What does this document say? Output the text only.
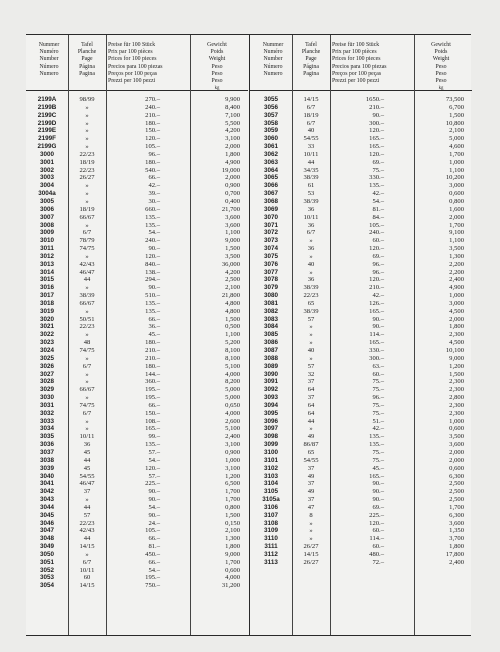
Nummer
Numéro
Number
Número
Numero
Tafel
Planche
Page
Página
Pagina
Preise für 100 Stück
Prix par 100 pièces
Prices for 100 pieces
Precios para 100 piezas
Preços por 100 peças
Prezzi per 100 pezzi
Gewicht
Poids
Weight
Peso
Peso
Peso
kg
2199A	98/99	270.–	9,900
2199B	»	240.–	8,400
2199C	»	210.–	7,100
2199D	»	180.–	5,500
2199E	»	150.–	4,200
2199F	»	120.–	3,100
2199G	»	105.–	2,000
3000	22/23	96.–	1,800
3001	18/19	180.–	4,900
3002	22/23	540.–	19,000
3003	26/27	66.–	2,000
3004	»	42.–	0,900
3004a	»	39.–	0,700
3005	»	30.–	0,400
3006	18/19	660.–	21,700
3007	66/67	135.–	3,600
3008	»	135.–	3,600
3009	6/7	54.–	1,100
3010	78/79	240.–	9,000
3011	74/75	90.–	1,500
3012	»	120.–	3,500
3013	42/43	840.–	36,000
3014	46/47	138.–	4,200
3015	44	294.–	2,500
3016	»	90.–	2,100
3017	38/39	510.–	21,800
3018	66/67	135.–	4,800
3019	»	135.–	4,800
3020	50/51	66.–	1,500
3021	22/23	36.–	0,500
3022	»	45.–	1,100
3023	48	180.–	5,200
3024	74/75	210.–	8,100
3025	»	210.–	8,100
3026	6/7	180.–	5,100
3027	»	144.–	4,000
3028	»	360.–	8,200
3029	66/67	195.–	5,000
3030	»	195.–	5,000
3031	74/75	66.–	0,650
3032	6/7	150.–	4,000
3033	»	108.–	2,600
3034	»	165.–	5,100
3035	10/11	99.–	2,400
3036	36	135.–	3,100
3037	45	57.–	0,900
3038	44	54.–	1,000
3039	45	120.–	3,100
3040	54/55	57.–	1,200
3041	46/47	225.–	6,500
3042	37	90.–	1,700
3043	»	90.–	1,700
3044	44	54.–	0,800
3045	57	90.–	1,500
3046	22/23	24.–	0,150
3047	42/43	105.–	2,100
3048	44	66.–	1,300
3049	14/15	81.–	1,800
3050	»	450.–	9,000
3051	6/7	66.–	1,700
3052	10/11	54.–	0,600
3053	60	195.–	4,000
3054	14/15	750.–	31,200
Nummer
Numéro
Number
Número
Numero
Tafel
Planche
Page
Página
Pagina
Preise für 100 Stück
Prix par 100 pièces
Prices for 100 pieces
Precios para 100 piezas
Preços por 100 peças
Prezzi per 100 pezzi
Gewicht
Poids
Weight
Peso
Peso
Peso
kg
3055	14/15	1650.–	73,500
3056	6/7	210.–	6,700
3057	18/19	90.–	1,500
3058	6/7	300.–	10,800
3059	40	120.–	2,100
3060	54/55	165.–	5,000
3061	33	165.–	4,600
3062	10/11	120.–	1,700
3063	44	69.–	1,000
3064	34/35	75.–	1,100
3065	38/39	330.–	10,200
3066	61	135.–	3,000
3067	53	42.–	0,600
3068	38/39	54.–	0,800
3069	36	81.–	1,600
3070	10/11	84.–	2,000
3071	36	105.–	1,700
3072	6/7	240.–	9,100
3073	»	60.–	1,100
3074	36	120.–	3,500
3075	»	69.–	1,300
3076	40	96.–	2,200
3077	»	96.–	2,200
3078	36	120.–	2,400
3079	38/39	210.–	4,900
3080	22/23	42.–	1,000
3081	65	126.–	3,000
3082	38/39	165.–	4,500
3083	57	90.–	2,000
3084	»	90.–	1,800
3085	»	114.–	2,300
3086	»	165.–	4,500
3087	40	330.–	10,100
3088	»	300.–	9,000
3089	57	63.–	1,200
3090	32	60.–	1,500
3091	37	75.–	2,300
3092	64	75.–	2,300
3093	37	96.–	2,800
3094	64	75.–	2,300
3095	64	75.–	2,300
3096	44	51.–	1,000
3097	»	42.–	0,600
3098	49	135.–	3,500
3099	86/87	135.–	3,600
3100	65	75.–	2,000
3101	54/55	75.–	2,000
3102	37	45.–	0,600
3103	49	165.–	6,300
3104	37	90.–	2,500
3105	49	90.–	2,500
3105a	37	90.–	2,500
3106	47	69.–	1,700
3107	8	225.–	6,300
3108	»	120.–	3,600
3109	»	60.–	1,350
3110	»	114.–	3,700
3111	26/27	60.–	1,800
3112	14/15	480.–	17,800
3113	26/27	72.–	2,400
